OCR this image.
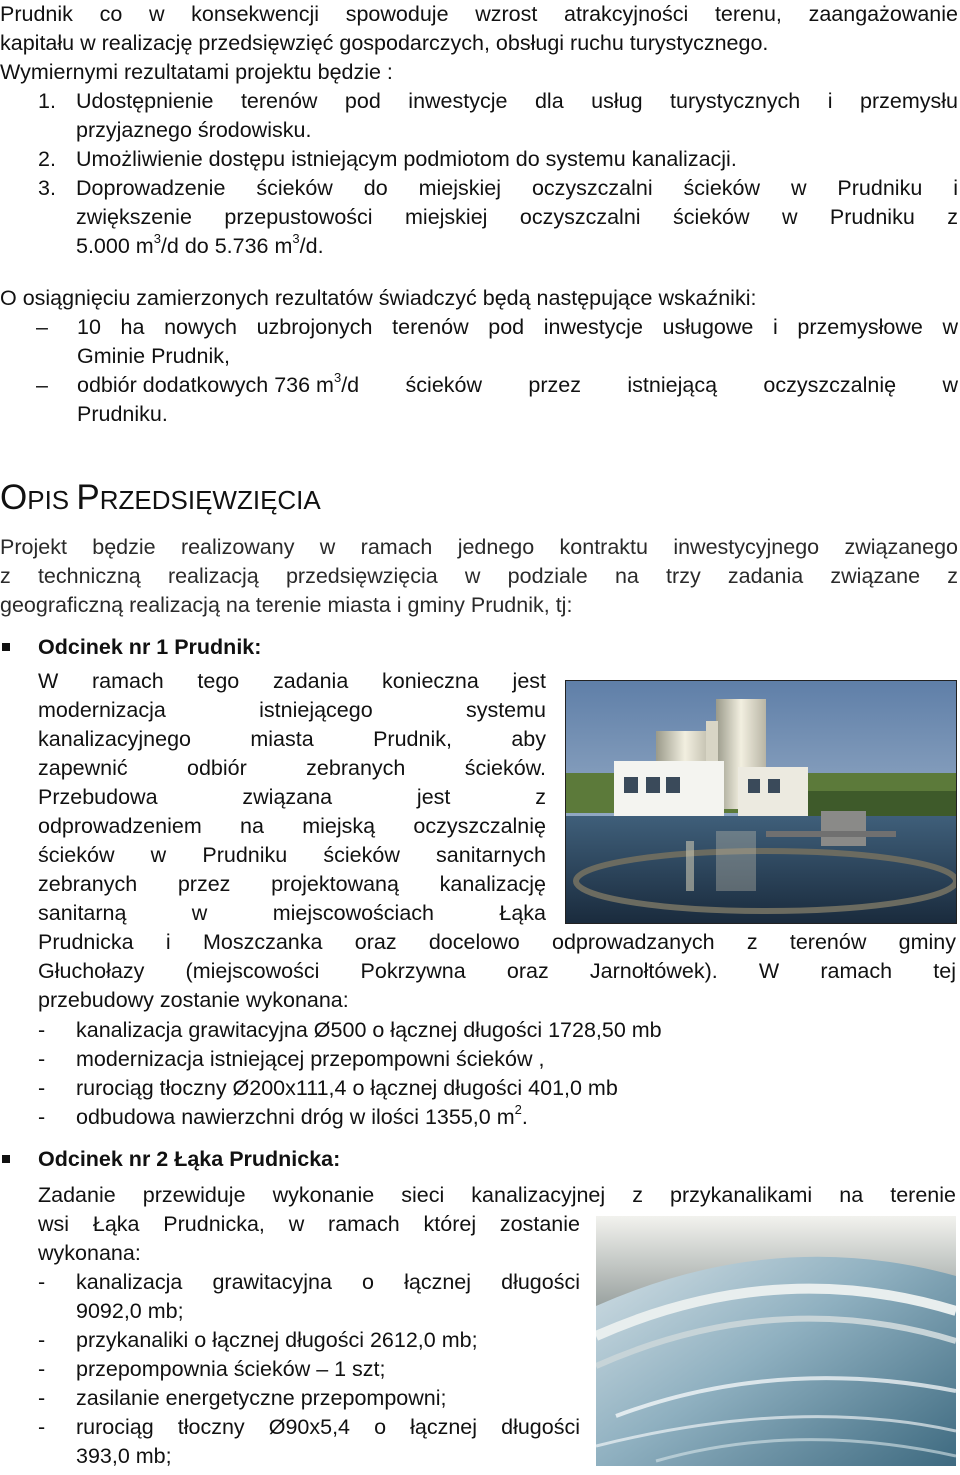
Prudnik co w konsekwencji spowoduje wzrost atrakcyjności terenu, zaangażowanie
kapitału w realizację przedsięwzięć gospodarczych, obsługi ruchu turystycznego.
Wymiernymi rezultatami projektu będzie :
1. Udostępnienie terenów pod inwestycje dla usług turystycznych i przemysłu
przyjaznego środowisku.
2. Umożliwienie dostępu istniejącym podmiotom do systemu kanalizacji.
3. Doprowadzenie ścieków do miejskiej oczyszczalni ścieków w Prudniku i
zwiększenie przepustowości miejskiej oczyszczalni ścieków w Prudniku z
5.000 $m^3/d$ do 5.736 $m^3/d$.
O osiągnięciu zamierzonych rezultatów świadczyć będą następujące wskaźniki:
– 10 ha nowych uzbrojonych terenów pod inwestycje usługowe i przemysłowe w
Gminie Prudnik,
– odbiór dodatkowych 736 $m^3$ /d ścieków przez istniejącą oczyszczalnię w
Prudniku.
OPIS PRZEDSIĘWZIĘCIA
Projekt będzie realizowany w ramach jednego kontraktu inwestycyjnego związanego
z techniczną realizacją przedsięwzięcia w podziale na trzy zadania związane z
geograficzną realizacją na terenie miasta i gminy Prudnik, tj:
Odcinek nr 1 Prudnik:
W ramach tego zadania konieczna jest
modernizacja istniejącego systemu
kanalizacyjnego miasta Prudnik, aby
zapewnić odbiór zebranych ścieków.
Przebudowa związana jest z
odprowadzeniem na miejską oczyszczalnię
ścieków w Prudniku ścieków sanitarnych
zebranych przez projektowaną kanalizację
sanitarną w miejscowościach Łąka
Prudnicka i Moszczanka oraz docelowo odprowadzanych z terenów gminy
Głuchołazy (miejscowości Pokrzywna oraz Jarnołtówek). W ramach tej
przebudowy zostanie wykonana:
- kanalizacja grawitacyjna Ø500 o łącznej długości 1728,50 mb
- modernizacja istniejącej przepompowni ścieków ,
- rurociąg tłoczny Ø200x111,4 o łącznej długości 401,0 mb
- odbudowa nawierzchni dróg w ilości 1355,0 $m^2$.
Odcinek nr 2 Łąka Prudnicka:
Zadanie przewiduje wykonanie sieci kanalizacyjnej z przykanalikami na terenie
wsi Łąka Prudnicka, w ramach której zostanie
wykonana:
- kanalizacja grawitacyjna o łącznej długości
9092,0 mb;
- przykanaliki o łącznej długości 2612,0 mb;
- przepompownia ścieków – 1 szt;
- zasilanie energetyczne przepompowni;
- rurociąg tłoczny Ø90x5,4 o łącznej długości
393,0 mb;
